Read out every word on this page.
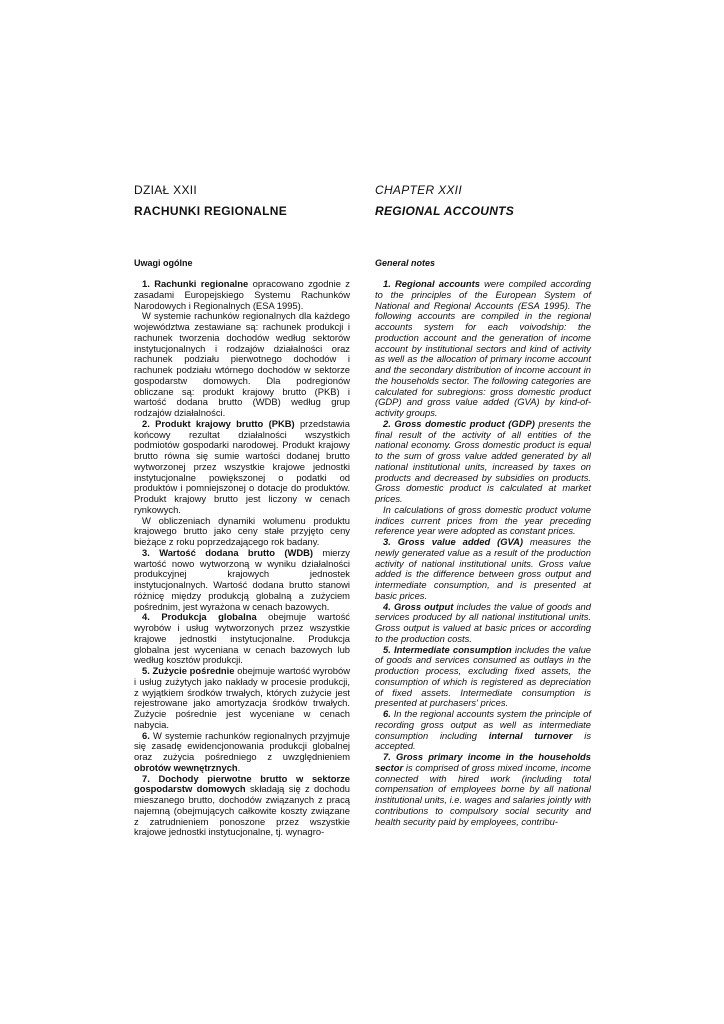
DZIAŁ XXII
RACHUNKI REGIONALNE
Uwagi ogólne

1. Rachunki regionalne opracowano zgodnie z zasadami Europejskiego Systemu Rachunków Narodowych i Regionalnych (ESA 1995).

W systemie rachunków regionalnych dla każdego województwa zestawiane są: rachunek produkcji i rachunek tworzenia dochodów według sektorów instytucjonalnych i rodzajów działalności oraz rachunek podziału pierwotnego dochodów i rachunek podziału wtórnego dochodów w sektorze gospodarstw domowych. Dla podregionów obliczane są: produkt krajowy brutto (PKB) i wartość dodana brutto (WDB) według grup rodzajów działalności.

2. Produkt krajowy brutto (PKB) przedstawia końcowy rezultat działalności wszystkich podmiotów gospodarki narodowej. Produkt krajowy brutto równa się sumie wartości dodanej brutto wytworzonej przez wszystkie krajowe jednostki instytucjonalne powiększonej o podatki od produktów i pomniejszonej o dotacje do produktów. Produkt krajowy brutto jest liczony w cenach rynkowych.

W obliczeniach dynamiki wolumenu produktu krajowego brutto jako ceny stałe przyjęto ceny bieżące z roku poprzedzającego rok badany.

3. Wartość dodana brutto (WDB) mierzy wartość nowo wytworzoną w wyniku działalności produkcyjnej krajowych jednostek instytucjonalnych. Wartość dodana brutto stanowi różnicę między produkcją globalną a zużyciem pośrednim, jest wyrażona w cenach bazowych.

4. Produkcja globalna obejmuje wartość wyrobów i usług wytworzonych przez wszystkie krajowe jednostki instytucjonalne. Produkcja globalna jest wyceniana w cenach bazowych lub według kosztów produkcji.

5. Zużycie pośrednie obejmuje wartość wyrobów i usług zużytych jako nakłady w procesie produkcji, z wyjątkiem środków trwałych, których zużycie jest rejestrowane jako amortyzacja środków trwałych. Zużycie pośrednie jest wyceniane w cenach nabycia.

6. W systemie rachunków regionalnych przyjmuje się zasadę ewidencjonowania produkcji globalnej oraz zużycia pośredniego z uwzględnieniem obrotów wewnętrznych.

7. Dochody pierwotne brutto w sektorze gospodarstw domowych składają się z dochodu mieszanego brutto, dochodów związanych z pracą najemną (obejmujących całkowite koszty związane z zatrudnieniem ponoszone przez wszystkie krajowe jednostki instytucjonalne, tj. wynagro-

CHAPTER XXII
REGIONAL ACCOUNTS
General notes

1. Regional accounts were compiled according to the principles of the European System of National and Regional Accounts (ESA 1995). The following accounts are compiled in the regional accounts system for each voivodship: the production account and the generation of income account by institutional sectors and kind of activity as well as the allocation of primary income account and the secondary distribution of income account in the households sector. The following categories are calculated for subregions: gross domestic product (GDP) and gross value added (GVA) by kind-of-activity groups.

2. Gross domestic product (GDP) presents the final result of the activity of all entities of the national economy. Gross domestic product is equal to the sum of gross value added generated by all national institutional units, increased by taxes on products and decreased by subsidies on products. Gross domestic product is calculated at market prices.

In calculations of gross domestic product volume indices current prices from the year preceding reference year were adopted as constant prices.

3. Gross value added (GVA) measures the newly generated value as a result of the production activity of national institutional units. Gross value added is the difference between gross output and intermediate consumption, and is presented at basic prices.

4. Gross output includes the value of goods and services produced by all national institutional units. Gross output is valued at basic prices or according to the production costs.

5. Intermediate consumption includes the value of goods and services consumed as outlays in the production process, excluding fixed assets, the consumption of which is registered as depreciation of fixed assets. Intermediate consumption is presented at purchasers' prices.

6. In the regional accounts system the principle of recording gross output as well as intermediate consumption including internal turnover is accepted.

7. Gross primary income in the households sector is comprised of gross mixed income, income connected with hired work (including total compensation of employees borne by all national institutional units, i.e. wages and salaries jointly with contributions to compulsory social security and health security paid by employees, contribu-
